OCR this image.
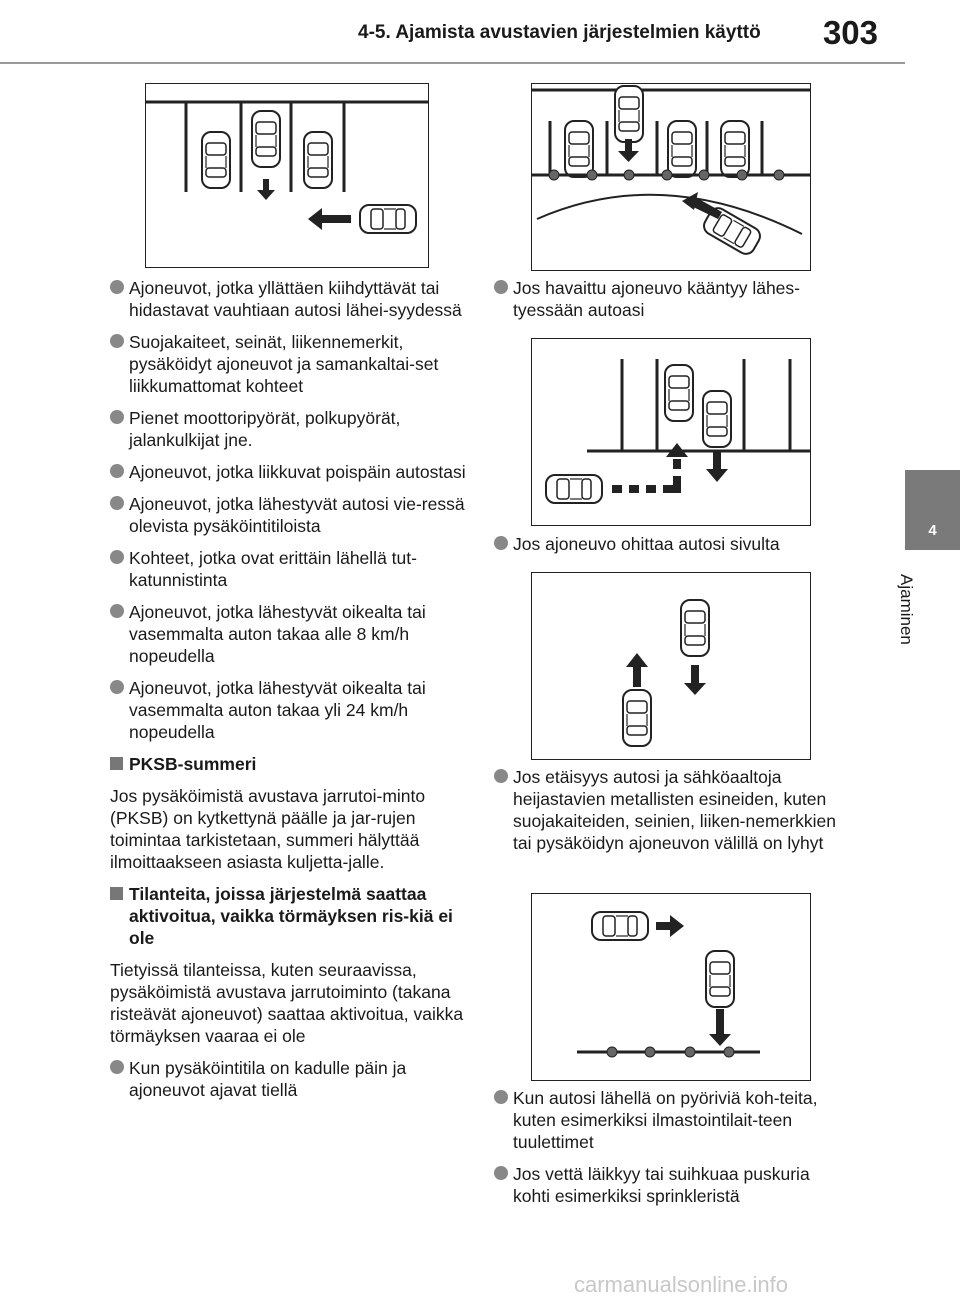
4-5. Ajamista avustavien järjestelmien käyttö 303
4
Ajaminen
Ajoneuvot, jotka yllättäen kiihdyttävät tai hidastavat vauhtiaan autosi lähei-syydessä
Suojakaiteet, seinät, liikennemerkit, pysäköidyt ajoneuvot ja samankaltai-set liikkumattomat kohteet
Pienet moottoripyörät, polkupyörät, jalankulkijat jne.
Ajoneuvot, jotka liikkuvat poispäin autostasi
Ajoneuvot, jotka lähestyvät autosi vie-ressä olevista pysäköintitiloista
Kohteet, jotka ovat erittäin lähellä tut-katunnistinta
Ajoneuvot, jotka lähestyvät oikealta tai vasemmalta auton takaa alle 8 km/h nopeudella
Ajoneuvot, jotka lähestyvät oikealta tai vasemmalta auton takaa yli 24 km/h nopeudella
PKSB-summeri
Jos pysäköimistä avustava jarrutoi-minto (PKSB) on kytkettynä päälle ja jar-rujen toimintaa tarkistetaan, summeri hälyttää ilmoittaakseen asiasta kuljetta-jalle.
Tilanteita, joissa järjestelmä saattaa aktivoitua, vaikka törmäyksen ris-kiä ei ole
Tietyissä tilanteissa, kuten seuraavissa, pysäköimistä avustava jarrutoiminto (takana risteävät ajoneuvot) saattaa aktivoitua, vaikka törmäyksen vaaraa ei ole
Kun pysäköintitila on kadulle päin ja ajoneuvot ajavat tiellä
Jos havaittu ajoneuvo kääntyy lähes-tyessään autoasi
Jos ajoneuvo ohittaa autosi sivulta
Jos etäisyys autosi ja sähköaaltoja heijastavien metallisten esineiden, kuten suojakaiteiden, seinien, liiken-nemerkkien tai pysäköidyn ajoneuvon välillä on lyhyt
Kun autosi lähellä on pyöriviä koh-teita, kuten esimerkiksi ilmastointilait-teen tuulettimet
Jos vettä läikkyy tai suihkuaa puskuria kohti esimerkiksi sprinkleristä
carmanualsonline.info
